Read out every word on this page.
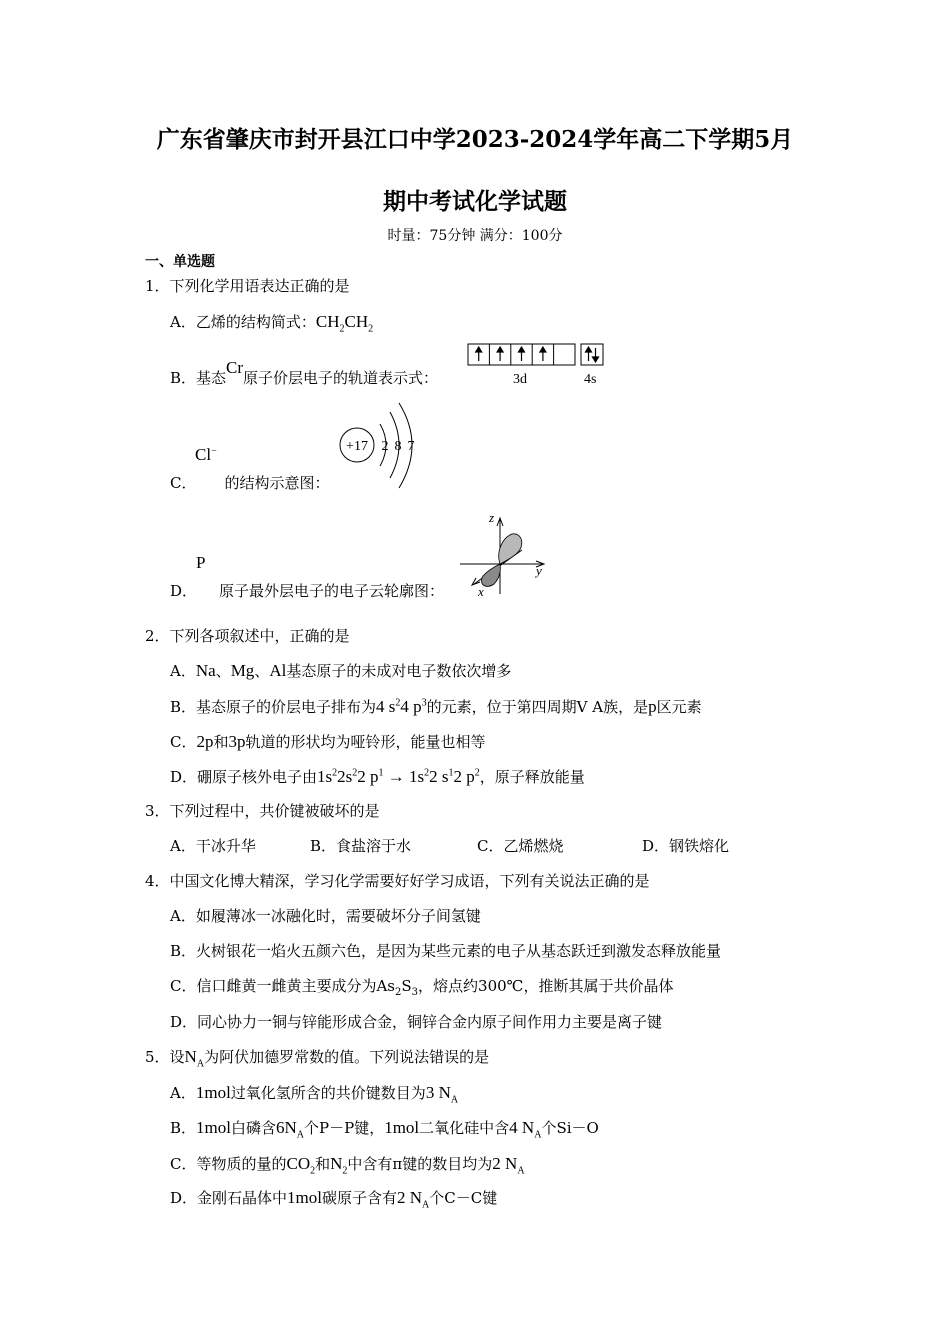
广东省肇庆市封开县江口中学2023-2024学年高二下学期5月
期中考试化学试题
时量：75分钟 满分：100分
一、单选题
1．下列化学用语表达正确的是
A．乙烯的结构简式：$CH_2CH_2$
B．基态Cr原子价层电子的轨道表示式：	3d	4s
Cl−
C． 的结构示意图：
+17 2 8 7
P
D． 原子最外层电子的电子云轮廓图：
z
y
x
2．下列各项叙述中，正确的是
A．Na、Mg、Al基态原子的未成对电子数依次增多
B．基态原子的价层电子排布为4 $s^24$ $p^3$的元素，位于第四周期Ⅴ A族，是p区元素
C．2p和3p轨道的形状均为哑铃形，能量也相等
D．硼原子核外电子由$1s^22s^22$ $p^1 \to 1s^22$ $s^12$ $p^2$，原子释放能量
3．下列过程中，共价键被破坏的是
A．干冰升华	B．食盐溶于水	C．乙烯燃烧	D．钢铁熔化
4．中国文化博大精深，学习化学需要好好学习成语，下列有关说法正确的是
A．如履薄冰一冰融化时，需要破坏分子间氢键
B．火树银花一焰火五颜六色，是因为某些元素的电子从基态跃迁到激发态释放能量
C．信口雌黄一雌黄主要成分为$As_2S_3$，熔点约300℃，推断其属于共价晶体
D．同心协力一铜与锌能形成合金，铜锌合金内原子间作用力主要是离子键
5．设$N_A$为阿伏加德罗常数的值。下列说法错误的是
A．1mol过氧化氢所含的共价键数目为3 $N_A$
B．1mol白磷含$6N_A$个P－P键，1mol二氧化硅中含4 $N_A$个Si－O
C．等物质的量的$CO_2$和$N_2$中含有π键的数目均为2 $N_A$
D．金刚石晶体中1mol碳原子含有2 $N_A$个C－C键
